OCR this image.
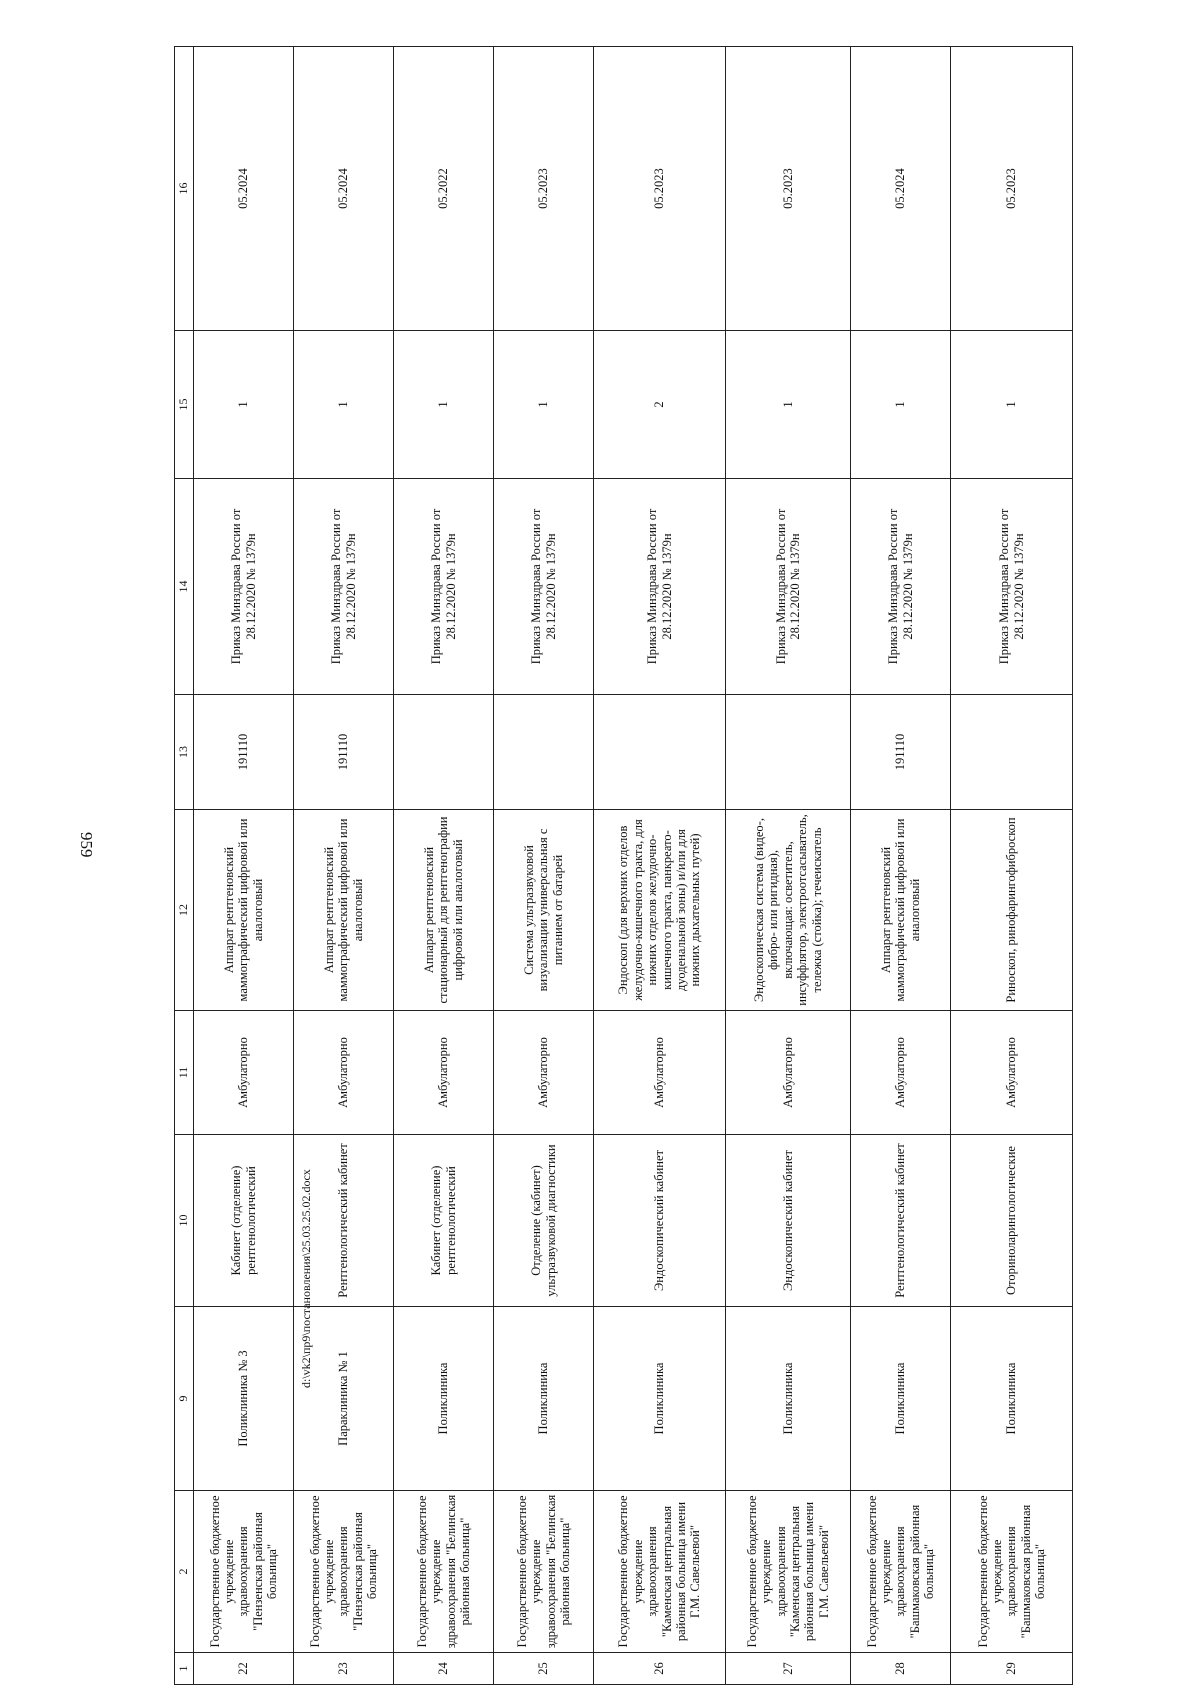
959
1	2	9	10	11	12	13	14	15	16
22	Государственное бюджетное учреждение здравоохранения "Пензенская районная больница"	Поликлиника № 3	Кабинет (отделение) рентгенологический	Амбулаторно	Аппарат рентгеновский маммографический цифровой или аналоговый	191110	Приказ Минздрава России от 28.12.2020 № 1379н	1	05.2024
23	Государственное бюджетное учреждение здравоохранения "Пензенская районная больница"	Параклиника № 1	Рентгенологический кабинет	Амбулаторно	Аппарат рентгеновский маммографический цифровой или аналоговый	191110	Приказ Минздрава России от 28.12.2020 № 1379н	1	05.2024
24	Государственное бюджетное учреждение здравоохранения "Белинская районная больница"	Поликлиника	Кабинет (отделение) рентгенологический	Амбулаторно	Аппарат рентгеновский стационарный для рентгенографии цифровой или аналоговый		Приказ Минздрава России от 28.12.2020 № 1379н	1	05.2022
25	Государственное бюджетное учреждение здравоохранения "Белинская районная больница"	Поликлиника	Отделение (кабинет) ультразвуковой диагностики	Амбулаторно	Система ультразвуковой визуализации универсальная с питанием от батарей		Приказ Минздрава России от 28.12.2020 № 1379н	1	05.2023
26	Государственное бюджетное учреждение здравоохранения "Каменская центральная районная больница имени Г.М. Савельевой"	Поликлиника	Эндоскопический кабинет	Амбулаторно	Эндоскоп (для верхних отделов желудочно-кишечного тракта, для нижних отделов желудочно-кишечного тракта, панкреато-дуоденальной зоны) и/или для нижних дыхательных путей)		Приказ Минздрава России от 28.12.2020 № 1379н	2	05.2023
27	Государственное бюджетное учреждение здравоохранения "Каменская центральная районная больница имени Г.М. Савельевой"	Поликлиника	Эндоскопический кабинет	Амбулаторно	Эндоскопическая система (видео-, фибро- или ригидная), включающая: осветитель, инсуффлятор, электроотсасыватель, тележка (стойка); течеискатель		Приказ Минздрава России от 28.12.2020 № 1379н	1	05.2023
28	Государственное бюджетное учреждение здравоохранения "Башмаковская районная больница"	Поликлиника	Рентгенологический кабинет	Амбулаторно	Аппарат рентгеновский маммографический цифровой или аналоговый	191110	Приказ Минздрава России от 28.12.2020 № 1379н	1	05.2024
29	Государственное бюджетное учреждение здравоохранения "Башмаковская районная больница"	Поликлиника	Оториноларингологические	Амбулаторно	Риноскоп, ринофарингофиброскоп		Приказ Минздрава России от 28.12.2020 № 1379н	1	05.2023
d:\vk2\пр9\постановления\25.03.25.02.docx
